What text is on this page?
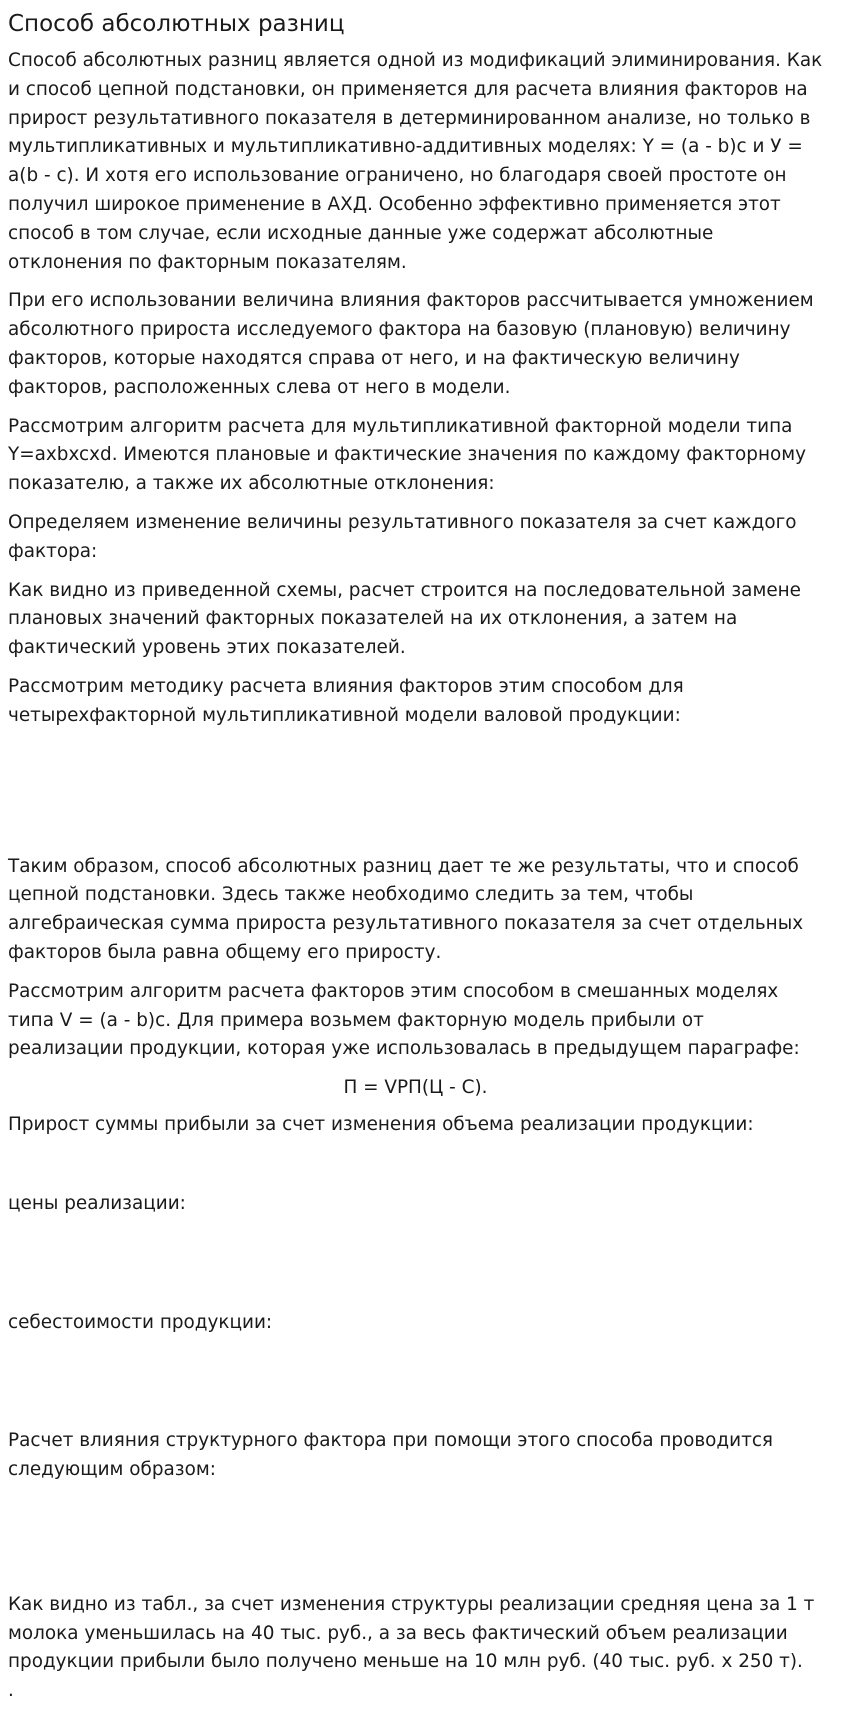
Способ абсолютных разниц

Способ абсолютных разниц является одной из модификаций элиминирования. Как и способ цепной подстановки, он применяется для расчета влияния факторов на прирост результативного показателя в детерминированном анализе, но только в мультипликативных и мультипликативно-аддитивных моделях: Y = (а - b)с и У = a(b - с). И хотя его использование ограничено, но благодаря своей простоте он получил широкое применение в АХД. Особенно эффективно применяется этот способ в том случае, если исходные данные уже содержат абсолютные отклонения по факторным показателям.

При его использовании величина влияния факторов рассчитывается умножением абсолютного прироста исследуемого фактора на базовую (плановую) величину факторов, которые находятся справа от него, и на фактическую величину факторов, расположенных слева от него в модели.

Рассмотрим алгоритм расчета для мультипликативной факторной модели типа Y=axbxcxd. Имеются плановые и фактические значения по каждому факторному показателю, а также их абсолютные отклонения:

Определяем изменение величины результативного показателя за счет каждого фактора:

Как видно из приведенной схемы, расчет строится на последовательной замене плановых значений факторных показателей на их отклонения, а затем на фактический уровень этих показателей.

Рассмотрим методику расчета влияния факторов этим способом для четырехфакторной мультипликативной модели валовой продукции:

Таким образом, способ абсолютных разниц дает те же результаты, что и способ цепной подстановки. Здесь также необходимо следить за тем, чтобы алгебраическая сумма прироста результативного показателя за счет отдельных факторов была равна общему его приросту.

Рассмотрим алгоритм расчета факторов этим способом в смешанных моделях типа V = (а - b)с. Для примера возьмем факторную модель прибыли от реализации продукции, которая уже использовалась в предыдущем параграфе:

П = VРП(Ц - С).

Прирост суммы прибыли за счет изменения объема реализации продукции:

цены реализации:

себестоимости продукции:

Расчет влияния структурного фактора при помощи этого способа проводится следующим образом:

Как видно из табл., за счет изменения структуры реализации средняя цена за 1 т молока уменьшилась на 40 тыс. руб., а за весь фактический объем реализации продукции прибыли было получено меньше на 10 млн руб. (40 тыс. руб. х 250 т).

.
